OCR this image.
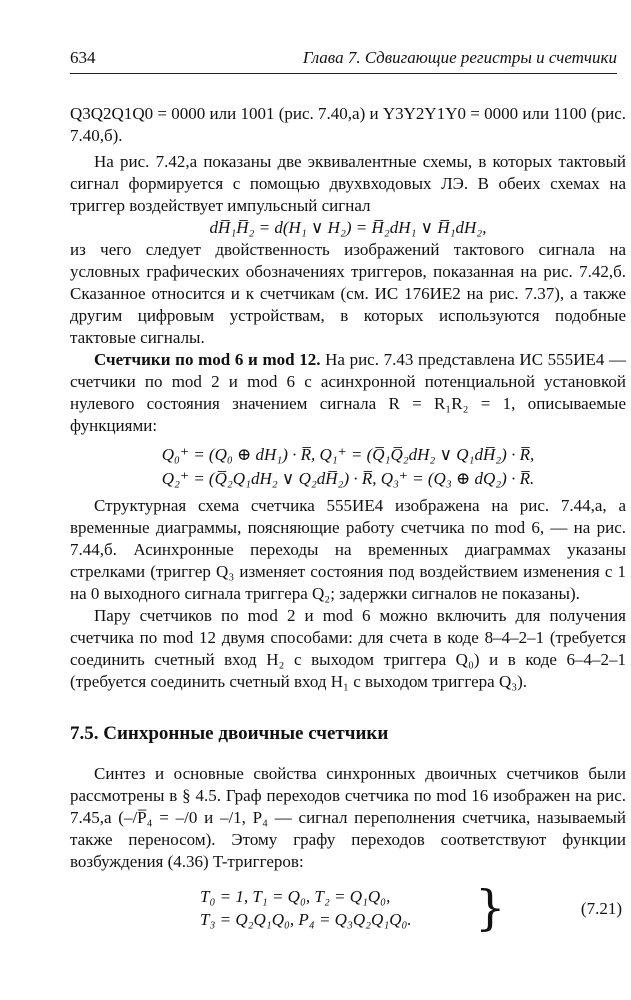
634	Глава 7. Сдвигающие регистры и счетчики

Q3Q2Q1Q0 = 0000 или 1001 (рис. 7.40,а) и Y3Y2Y1Y0 = 0000 или 1100 (рис. 7.40,б).

На рис. 7.42,а показаны две эквивалентные схемы, в которых тактовый сигнал формируется с помощью двухвходовых ЛЭ. В обеих схемах на триггер воздействует импульсный сигнал

dH̅₁H̅₂ = d(H₁ ∨ H₂) = H̅₂dH₁ ∨ H̅₁dH₂,

из чего следует двойственность изображений тактового сигнала на условных графических обозначениях триггеров, показанная на рис. 7.42,б. Сказанное относится и к счетчикам (см. ИС 176ИЕ2 на рис. 7.37), а также другим цифровым устройствам, в которых используются подобные тактовые сигналы.

Счетчики по mod 6 и mod 12. На рис. 7.43 представлена ИС 555ИЕ4 — счетчики по mod 2 и mod 6 с асинхронной потенциальной установкой нулевого состояния значением сигнала R = R₁R₂ = 1, описываемые функциями:

Q₀⁺ = (Q₀ ⊕ dH₁) · R̅, Q₁⁺ = (Q̅₁Q̅₂dH₂ ∨ Q₁dH̅₂) · R̅,
Q₂⁺ = (Q̅₂Q₁dH₂ ∨ Q₂dH̅₂) · R̅, Q₃⁺ = (Q₃ ⊕ dQ₂) · R̅.

Структурная схема счетчика 555ИЕ4 изображена на рис. 7.44,а, а временные диаграммы, поясняющие работу счетчика по mod 6, — на рис. 7.44,б. Асинхронные переходы на временных диаграммах указаны стрелками (триггер Q₃ изменяет состояния под воздействием изменения с 1 на 0 выходного сигнала триггера Q₂; задержки сигналов не показаны).

Пару счетчиков по mod 2 и mod 6 можно включить для получения счетчика по mod 12 двумя способами: для счета в коде 8–4–2–1 (требуется соединить счетный вход H₂ с выходом триггера Q₀) и в коде 6–4–2–1 (требуется соединить счетный вход H₁ с выходом триггера Q₃).

7.5. Синхронные двоичные счетчики

Синтез и основные свойства синхронных двоичных счетчиков были рассмотрены в § 4.5. Граф переходов счетчика по mod 16 изображен на рис. 7.45,а (–/P̅₄ = –/0 и –/1, P₄ — сигнал переполнения счетчика, называемый также переносом). Этому графу переходов соответствуют функции возбуждения (4.36) T-триггеров:

T₀ = 1, T₁ = Q₀, T₂ = Q₁Q₀,
T₃ = Q₂Q₁Q₀, P₄ = Q₃Q₂Q₁Q₀. }	(7.21)
